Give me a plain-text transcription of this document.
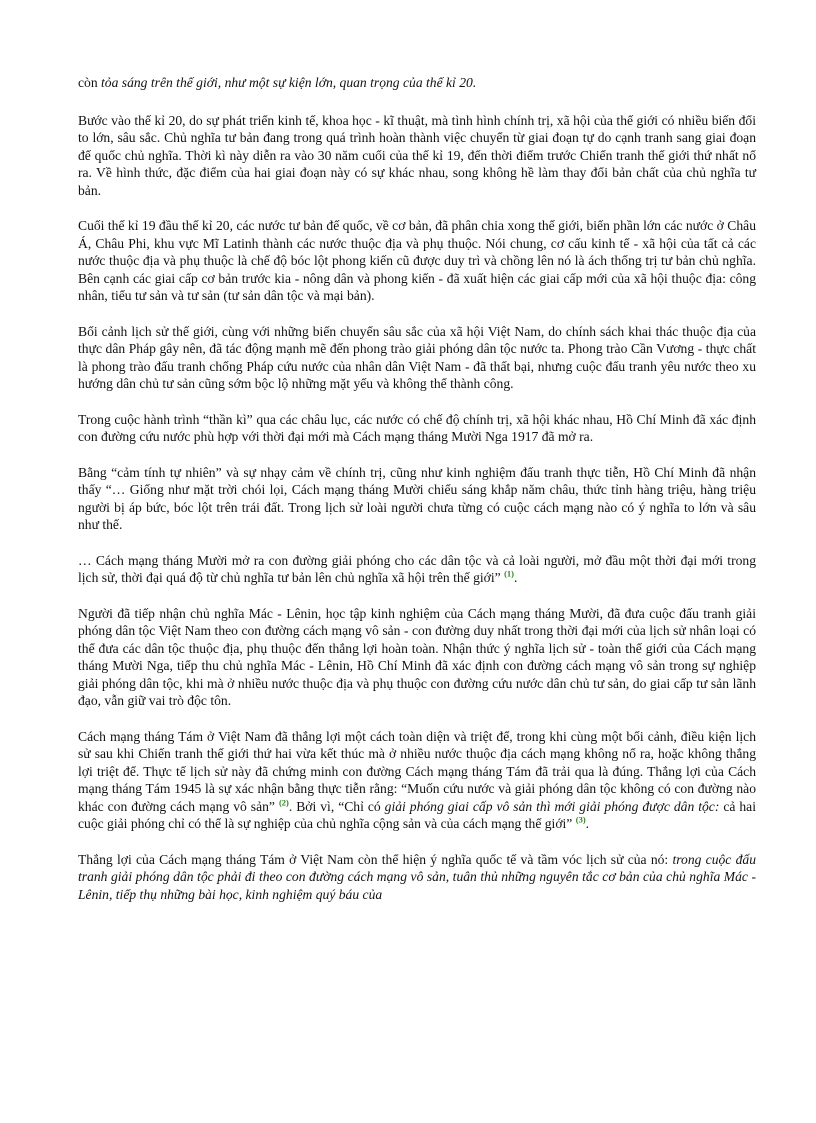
còn tỏa sáng trên thế giới, như một sự kiện lớn, quan trọng của thế kỉ 20.

Bước vào thế kỉ 20, do sự phát triển kinh tế, khoa học - kĩ thuật, mà tình hình chính trị, xã hội của thế giới có nhiều biến đổi to lớn, sâu sắc. Chủ nghĩa tư bản đang trong quá trình hoàn thành việc chuyển từ giai đoạn tự do cạnh tranh sang giai đoạn đế quốc chủ nghĩa. Thời kì này diễn ra vào 30 năm cuối của thế kỉ 19, đến thời điểm trước Chiến tranh thế giới thứ nhất nổ ra. Về hình thức, đặc điểm của hai giai đoạn này có sự khác nhau, song không hề làm thay đổi bản chất của chủ nghĩa tư bản.

Cuối thế kỉ 19 đầu thế kỉ 20, các nước tư bản đế quốc, về cơ bản, đã phân chia xong thế giới, biến phần lớn các nước ở Châu Á, Châu Phi, khu vực Mĩ Latinh thành các nước thuộc địa và phụ thuộc. Nói chung, cơ cấu kinh tế - xã hội của tất cả các nước thuộc địa và phụ thuộc là chế độ bóc lột phong kiến cũ được duy trì và chồng lên nó là ách thống trị tư bản chủ nghĩa. Bên cạnh các giai cấp cơ bản trước kia - nông dân và phong kiến - đã xuất hiện các giai cấp mới của xã hội thuộc địa: công nhân, tiểu tư sản và tư sản (tư sản dân tộc và mại bản).

Bối cảnh lịch sử thế giới, cùng với những biến chuyển sâu sắc của xã hội Việt Nam, do chính sách khai thác thuộc địa của thực dân Pháp gây nên, đã tác động mạnh mẽ đến phong trào giải phóng dân tộc nước ta. Phong trào Cần Vương - thực chất là phong trào đấu tranh chống Pháp cứu nước của nhân dân Việt Nam - đã thất bại, nhưng cuộc đấu tranh yêu nước theo xu hướng dân chủ tư sản cũng sớm bộc lộ những mặt yếu và không thể thành công.

Trong cuộc hành trình “thần kì” qua các châu lục, các nước có chế độ chính trị, xã hội khác nhau, Hồ Chí Minh đã xác định con đường cứu nước phù hợp với thời đại mới mà Cách mạng tháng Mười Nga 1917 đã mở ra.

Bằng “cảm tính tự nhiên” và sự nhạy cảm về chính trị, cũng như kinh nghiệm đấu tranh thực tiễn, Hồ Chí Minh đã nhận thấy “… Giống như mặt trời chói lọi, Cách mạng tháng Mười chiếu sáng khắp năm châu, thức tỉnh hàng triệu, hàng triệu người bị áp bức, bóc lột trên trái đất. Trong lịch sử loài người chưa từng có cuộc cách mạng nào có ý nghĩa to lớn và sâu như thế.

… Cách mạng tháng Mười mở ra con đường giải phóng cho các dân tộc và cả loài người, mở đầu một thời đại mới trong lịch sử, thời đại quá độ từ chủ nghĩa tư bản lên chủ nghĩa xã hội trên thế giới” $^{(1)}$.

Người đã tiếp nhận chủ nghĩa Mác - Lênin, học tập kinh nghiệm của Cách mạng tháng Mười, đã đưa cuộc đấu tranh giải phóng dân tộc Việt Nam theo con đường cách mạng vô sản - con đường duy nhất trong thời đại mới của lịch sử nhân loại có thể đưa các dân tộc thuộc địa, phụ thuộc đến thắng lợi hoàn toàn. Nhận thức ý nghĩa lịch sử - toàn thế giới của Cách mạng tháng Mười Nga, tiếp thu chủ nghĩa Mác - Lênin, Hồ Chí Minh đã xác định con đường cách mạng vô sản trong sự nghiệp giải phóng dân tộc, khi mà ở nhiều nước thuộc địa và phụ thuộc con đường cứu nước dân chủ tư sản, do giai cấp tư sản lãnh đạo, vẫn giữ vai trò độc tôn.

Cách mạng tháng Tám ở Việt Nam đã thắng lợi một cách toàn diện và triệt để, trong khi cùng một bối cảnh, điều kiện lịch sử sau khi Chiến tranh thế giới thứ hai vừa kết thúc mà ở nhiều nước thuộc địa cách mạng không nổ ra, hoặc không thắng lợi triệt để. Thực tế lịch sử này đã chứng minh con đường Cách mạng tháng Tám đã trải qua là đúng. Thắng lợi của Cách mạng tháng Tám 1945 là sự xác nhận bằng thực tiễn rằng: “Muốn cứu nước và giải phóng dân tộc không có con đường nào khác con đường cách mạng vô sản” $^{(2)}$. Bởi vì, “Chỉ có giải phóng giai cấp vô sản thì mới giải phóng được dân tộc: cả hai cuộc giải phóng chỉ có thể là sự nghiệp của chủ nghĩa cộng sản và của cách mạng thế giới” $^{(3)}$.

Thắng lợi của Cách mạng tháng Tám ở Việt Nam còn thể hiện ý nghĩa quốc tế và tầm vóc lịch sử của nó: trong cuộc đấu tranh giải phóng dân tộc phải đi theo con đường cách mạng vô sản, tuân thủ những nguyên tắc cơ bản của chủ nghĩa Mác - Lênin, tiếp thụ những bài học, kinh nghiệm quý báu của
